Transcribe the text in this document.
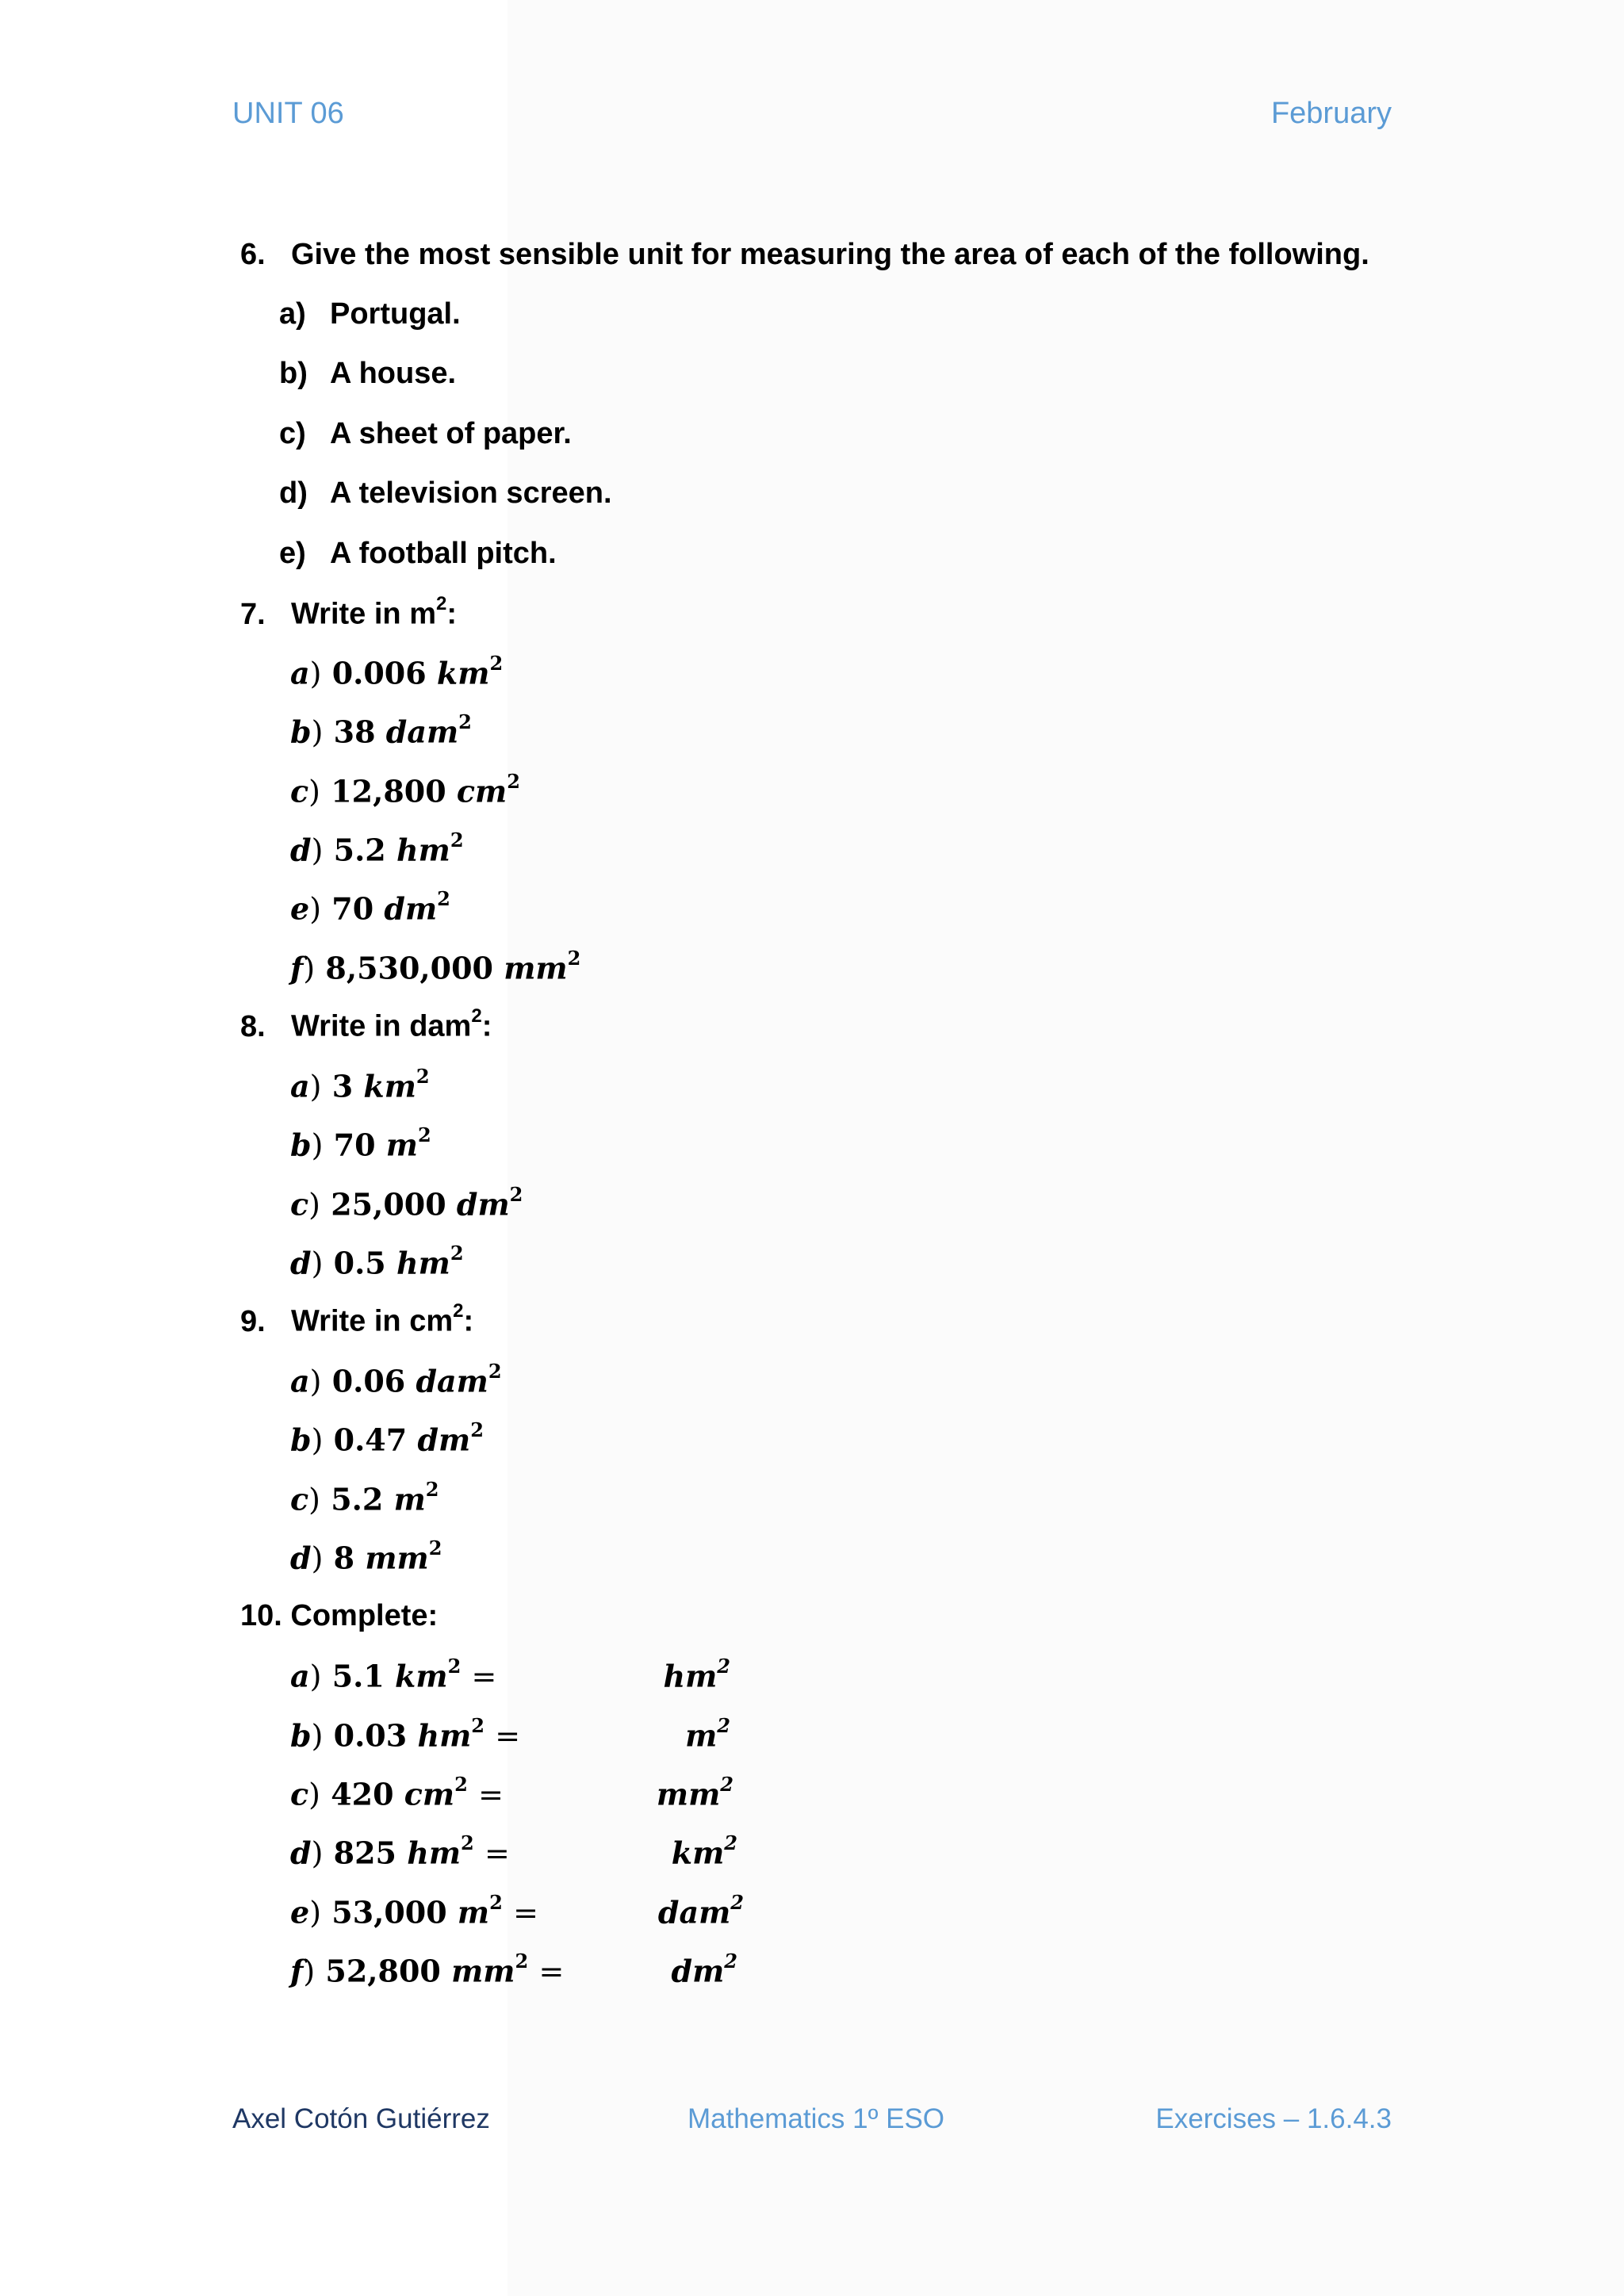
UNIT 06	February
6. Give the most sensible unit for measuring the area of each of the following.
a) Portugal.
b) A house.
c) A sheet of paper.
d) A television screen.
e) A football pitch.
7. Write in $m^2$:
a) 0.006 $km^2$
b) 38 dam$^2$
c) 12,800 $cm^2$
d) 5.2 $hm^2$
e) 70 $dm^2$
f) 8,530,000 $mm^2$
8. Write in dam$^2$:
a) 3 $km^2$
b) 70 $m^2$
c) 25,000 $dm^2$
d) 0.5 $hm^2$
9. Write in $cm^2$:
a) 0.06 dam$^2$
b) 0.47 $dm^2$
c) 5.2 $m^2$
d) 8 $mm^2$
10. Complete:
a) 5.1 $km^2$ =	$hm^2$
b) 0.03 $hm^2$ =	$m^2$
c) 420 $cm^2$ =	$mm^2$
d) 825 $hm^2$ =	$km^2$
e) 53,000 $m^2$ =	dam$^2$
f) 52,800 $mm^2$ =	$dm^2$
Axel Cotón Gutiérrez	Mathematics 1º ESO	Exercises – 1.6.4.3
